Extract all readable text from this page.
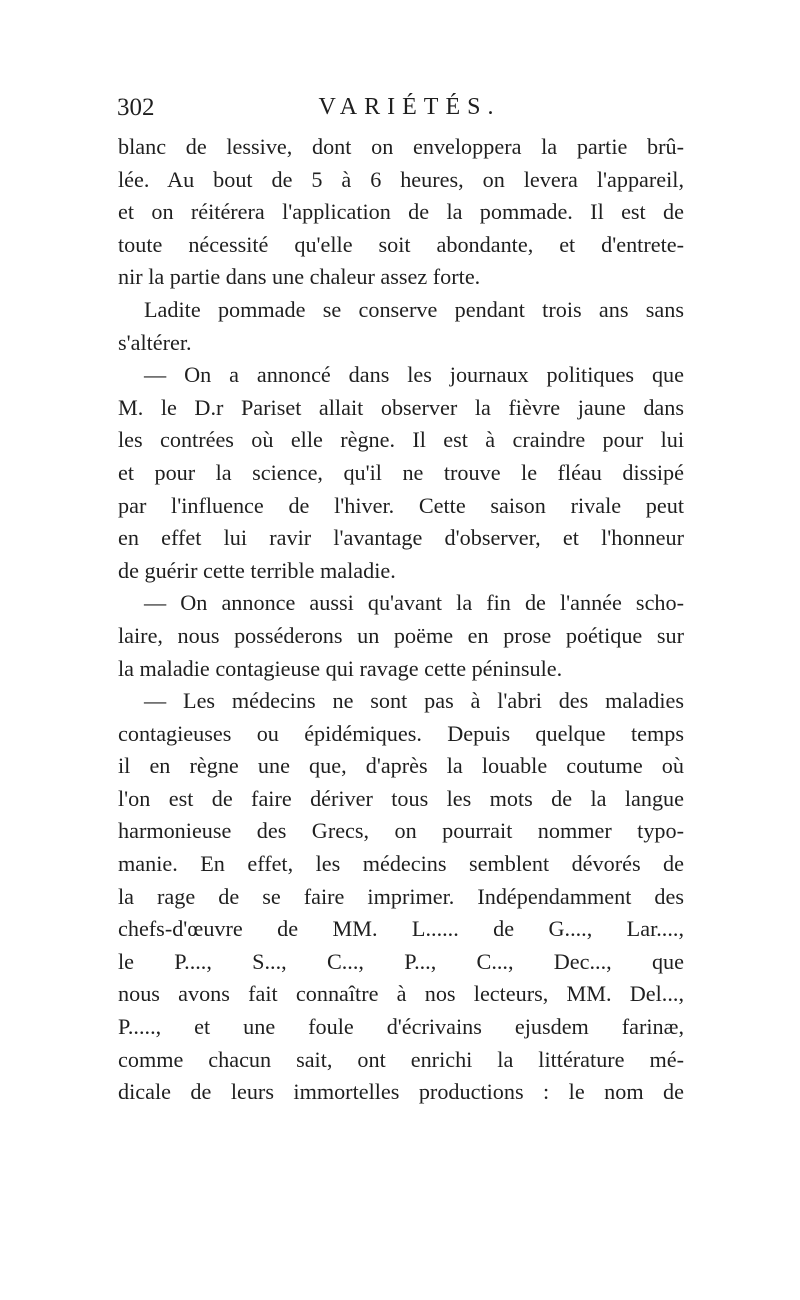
302	VARIÉTÉS.
blanc de lessive, dont on enveloppera la partie brû-
lée. Au bout de 5 à 6 heures, on levera l'appareil,
et on réitérera l'application de la pommade. Il est de
toute nécessité qu'elle soit abondante, et d'entrete-
nir la partie dans une chaleur assez forte.
Ladite pommade se conserve pendant trois ans sans
s'altérer.
— On a annoncé dans les journaux politiques que
M. le D.r Pariset allait observer la fièvre jaune dans
les contrées où elle règne. Il est à craindre pour lui
et pour la science, qu'il ne trouve le fléau dissipé
par l'influence de l'hiver. Cette saison rivale peut
en effet lui ravir l'avantage d'observer, et l'honneur
de guérir cette terrible maladie.
— On annonce aussi qu'avant la fin de l'année scho-
laire, nous posséderons un poëme en prose poétique sur
la maladie contagieuse qui ravage cette péninsule.
— Les médecins ne sont pas à l'abri des maladies
contagieuses ou épidémiques. Depuis quelque temps
il en règne une que, d'après la louable coutume où
l'on est de faire dériver tous les mots de la langue
harmonieuse des Grecs, on pourrait nommer typo-
manie. En effet, les médecins semblent dévorés de
la rage de se faire imprimer. Indépendamment des
chefs-d'œuvre de MM. L...... de G...., Lar....,
le P...., S..., C..., P..., C..., Dec..., que
nous avons fait connaître à nos lecteurs, MM. Del...,
P....., et une foule d'écrivains ejusdem farinæ,
comme chacun sait, ont enrichi la littérature mé-
dicale de leurs immortelles productions : le nom de
